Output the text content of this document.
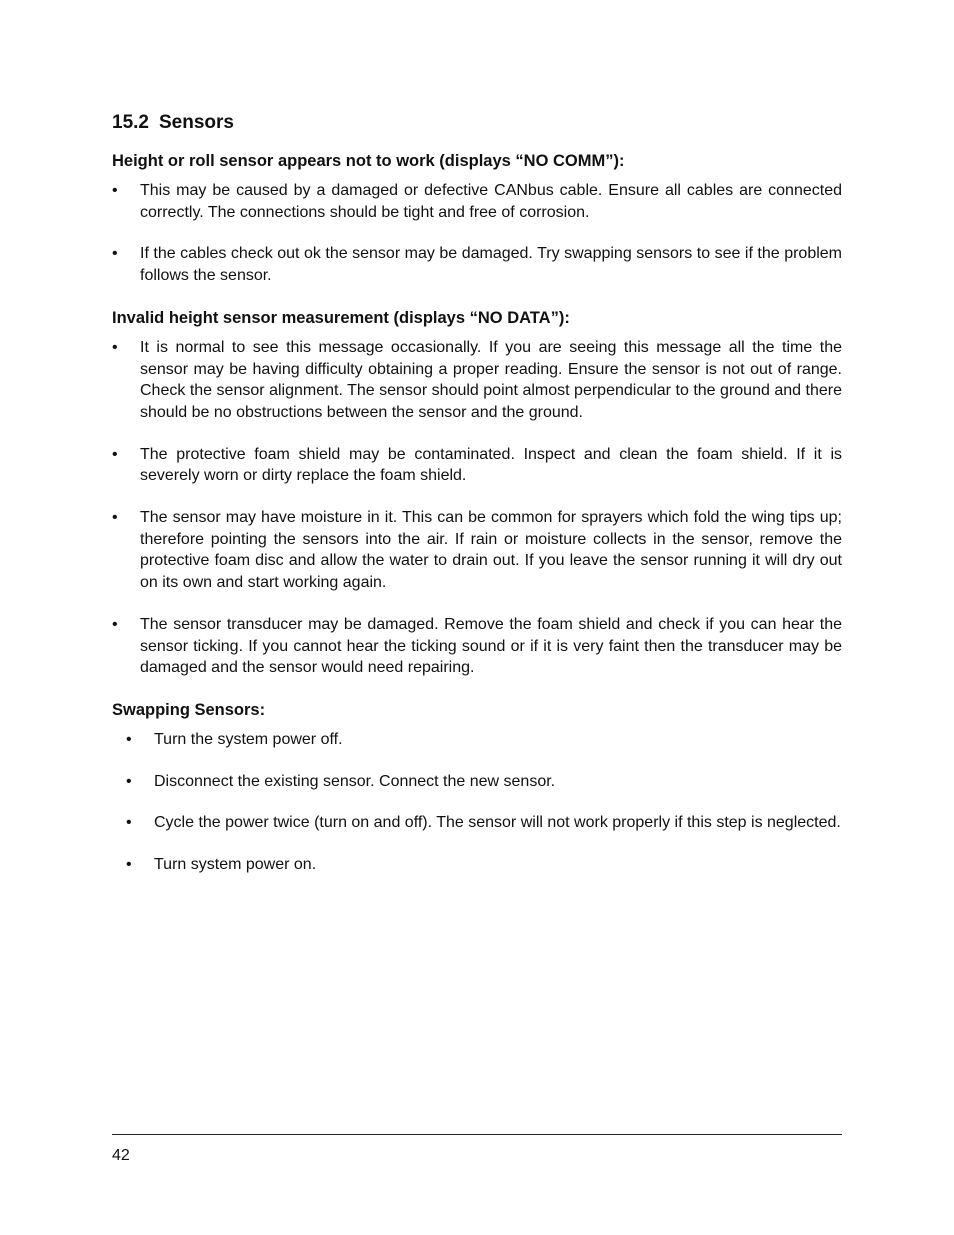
15.2 Sensors
Height or roll sensor appears not to work (displays “NO COMM”):
• This may be caused by a damaged or defective CANbus cable. Ensure all cables are connected correctly. The connections should be tight and free of corrosion.
• If the cables check out ok the sensor may be damaged. Try swapping sensors to see if the problem follows the sensor.
Invalid height sensor measurement (displays “NO DATA”):
• It is normal to see this message occasionally. If you are seeing this message all the time the sensor may be having difficulty obtaining a proper reading. Ensure the sensor is not out of range. Check the sensor alignment. The sensor should point almost perpendicular to the ground and there should be no obstructions between the sensor and the ground.
• The protective foam shield may be contaminated. Inspect and clean the foam shield. If it is severely worn or dirty replace the foam shield.
• The sensor may have moisture in it. This can be common for sprayers which fold the wing tips up; therefore pointing the sensors into the air. If rain or moisture collects in the sensor, remove the protective foam disc and allow the water to drain out. If you leave the sensor running it will dry out on its own and start working again.
• The sensor transducer may be damaged. Remove the foam shield and check if you can hear the sensor ticking. If you cannot hear the ticking sound or if it is very faint then the transducer may be damaged and the sensor would need repairing.
Swapping Sensors:
• Turn the system power off.
• Disconnect the existing sensor. Connect the new sensor.
• Cycle the power twice (turn on and off). The sensor will not work properly if this step is neglected.
• Turn system power on.
42
